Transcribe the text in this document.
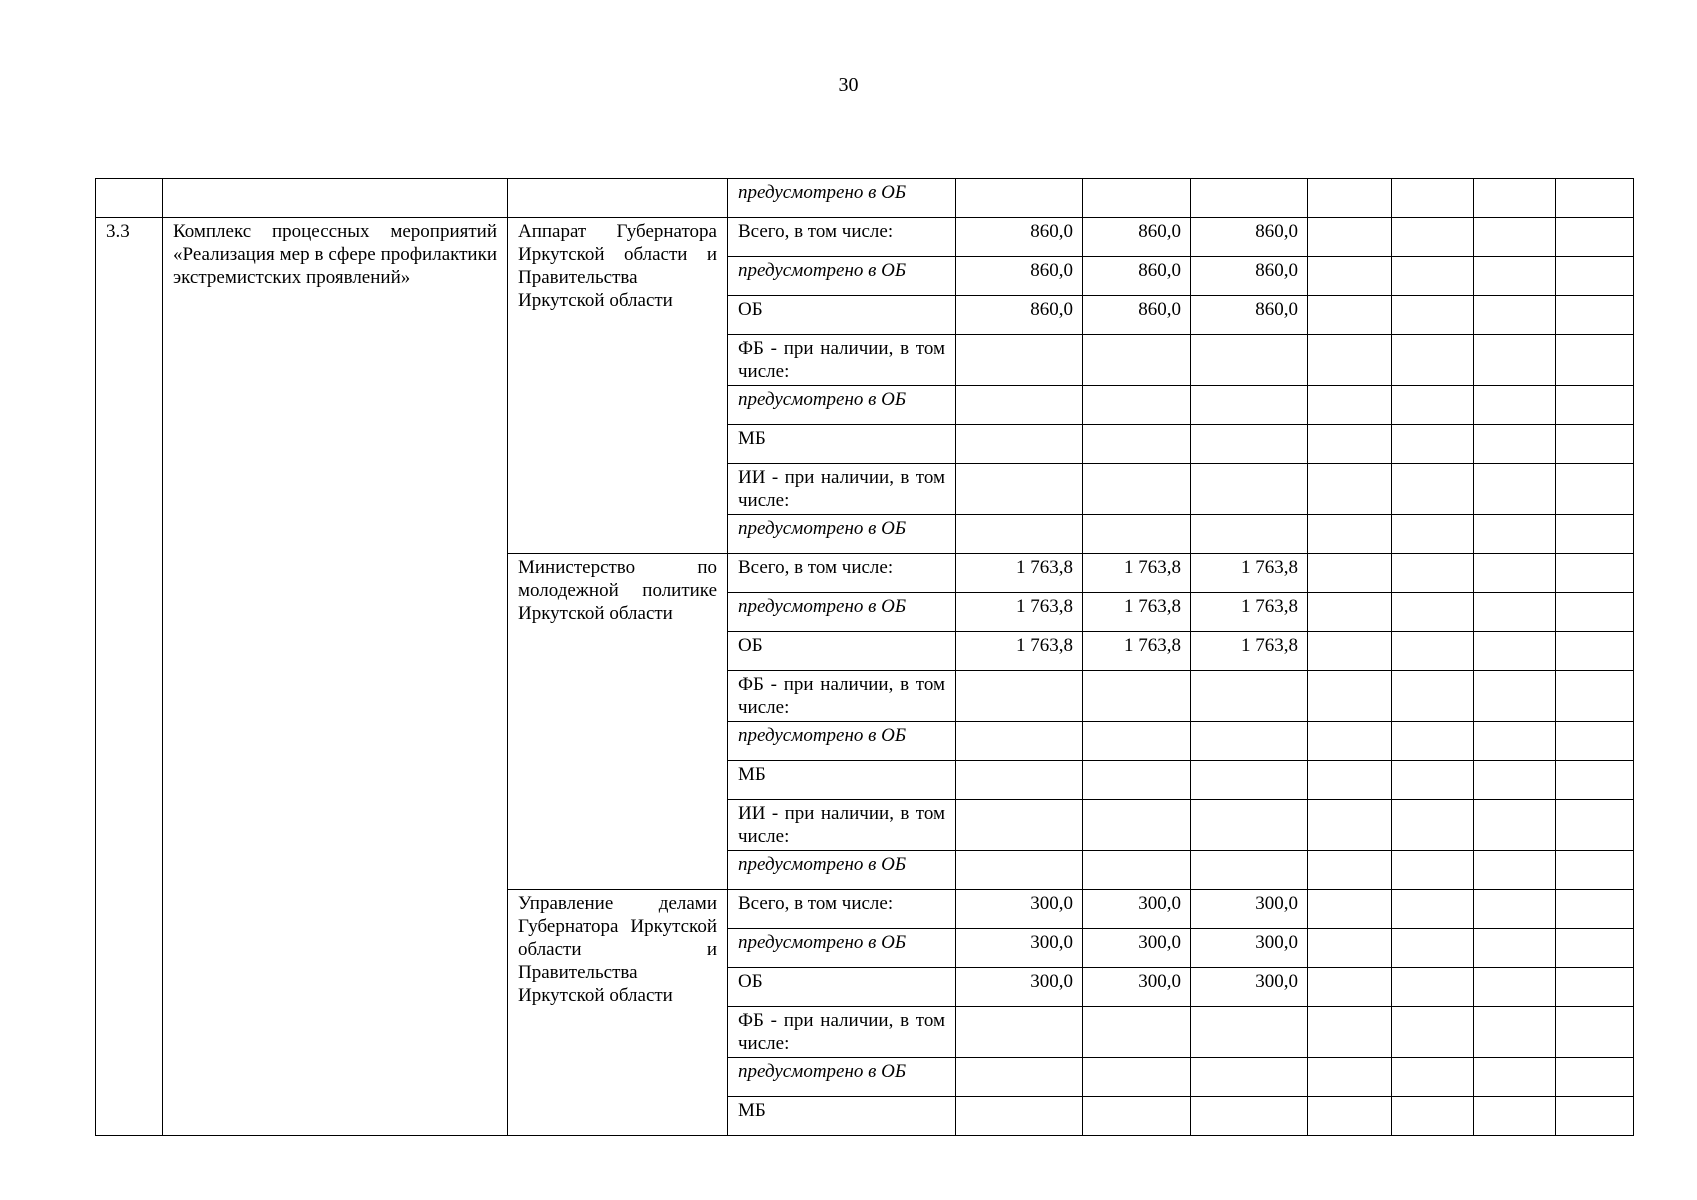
30
			предусмотрено в ОБ							
3.3	Комплекс процессных мероприятий «Реализация мер в сфере профилактики экстремистских проявлений»	Аппарат Губернатора Иркутской области и Правительства Иркутской области	Всего, в том числе:	860,0	860,0	860,0				
			предусмотрено в ОБ	860,0	860,0	860,0				
			ОБ	860,0	860,0	860,0				
			ФБ - при наличии, в том числе:							
			предусмотрено в ОБ							
			МБ							
			ИИ - при наличии, в том числе:							
			предусмотрено в ОБ							
		Министерство по молодежной политике Иркутской области	Всего, в том числе:	1 763,8	1 763,8	1 763,8				
			предусмотрено в ОБ	1 763,8	1 763,8	1 763,8				
			ОБ	1 763,8	1 763,8	1 763,8				
			ФБ - при наличии, в том числе:							
			предусмотрено в ОБ							
			МБ							
			ИИ - при наличии, в том числе:							
			предусмотрено в ОБ							
		Управление делами Губернатора Иркутской области и Правительства Иркутской области	Всего, в том числе:	300,0	300,0	300,0				
			предусмотрено в ОБ	300,0	300,0	300,0				
			ОБ	300,0	300,0	300,0				
			ФБ - при наличии, в том числе:							
			предусмотрено в ОБ							
			МБ							
